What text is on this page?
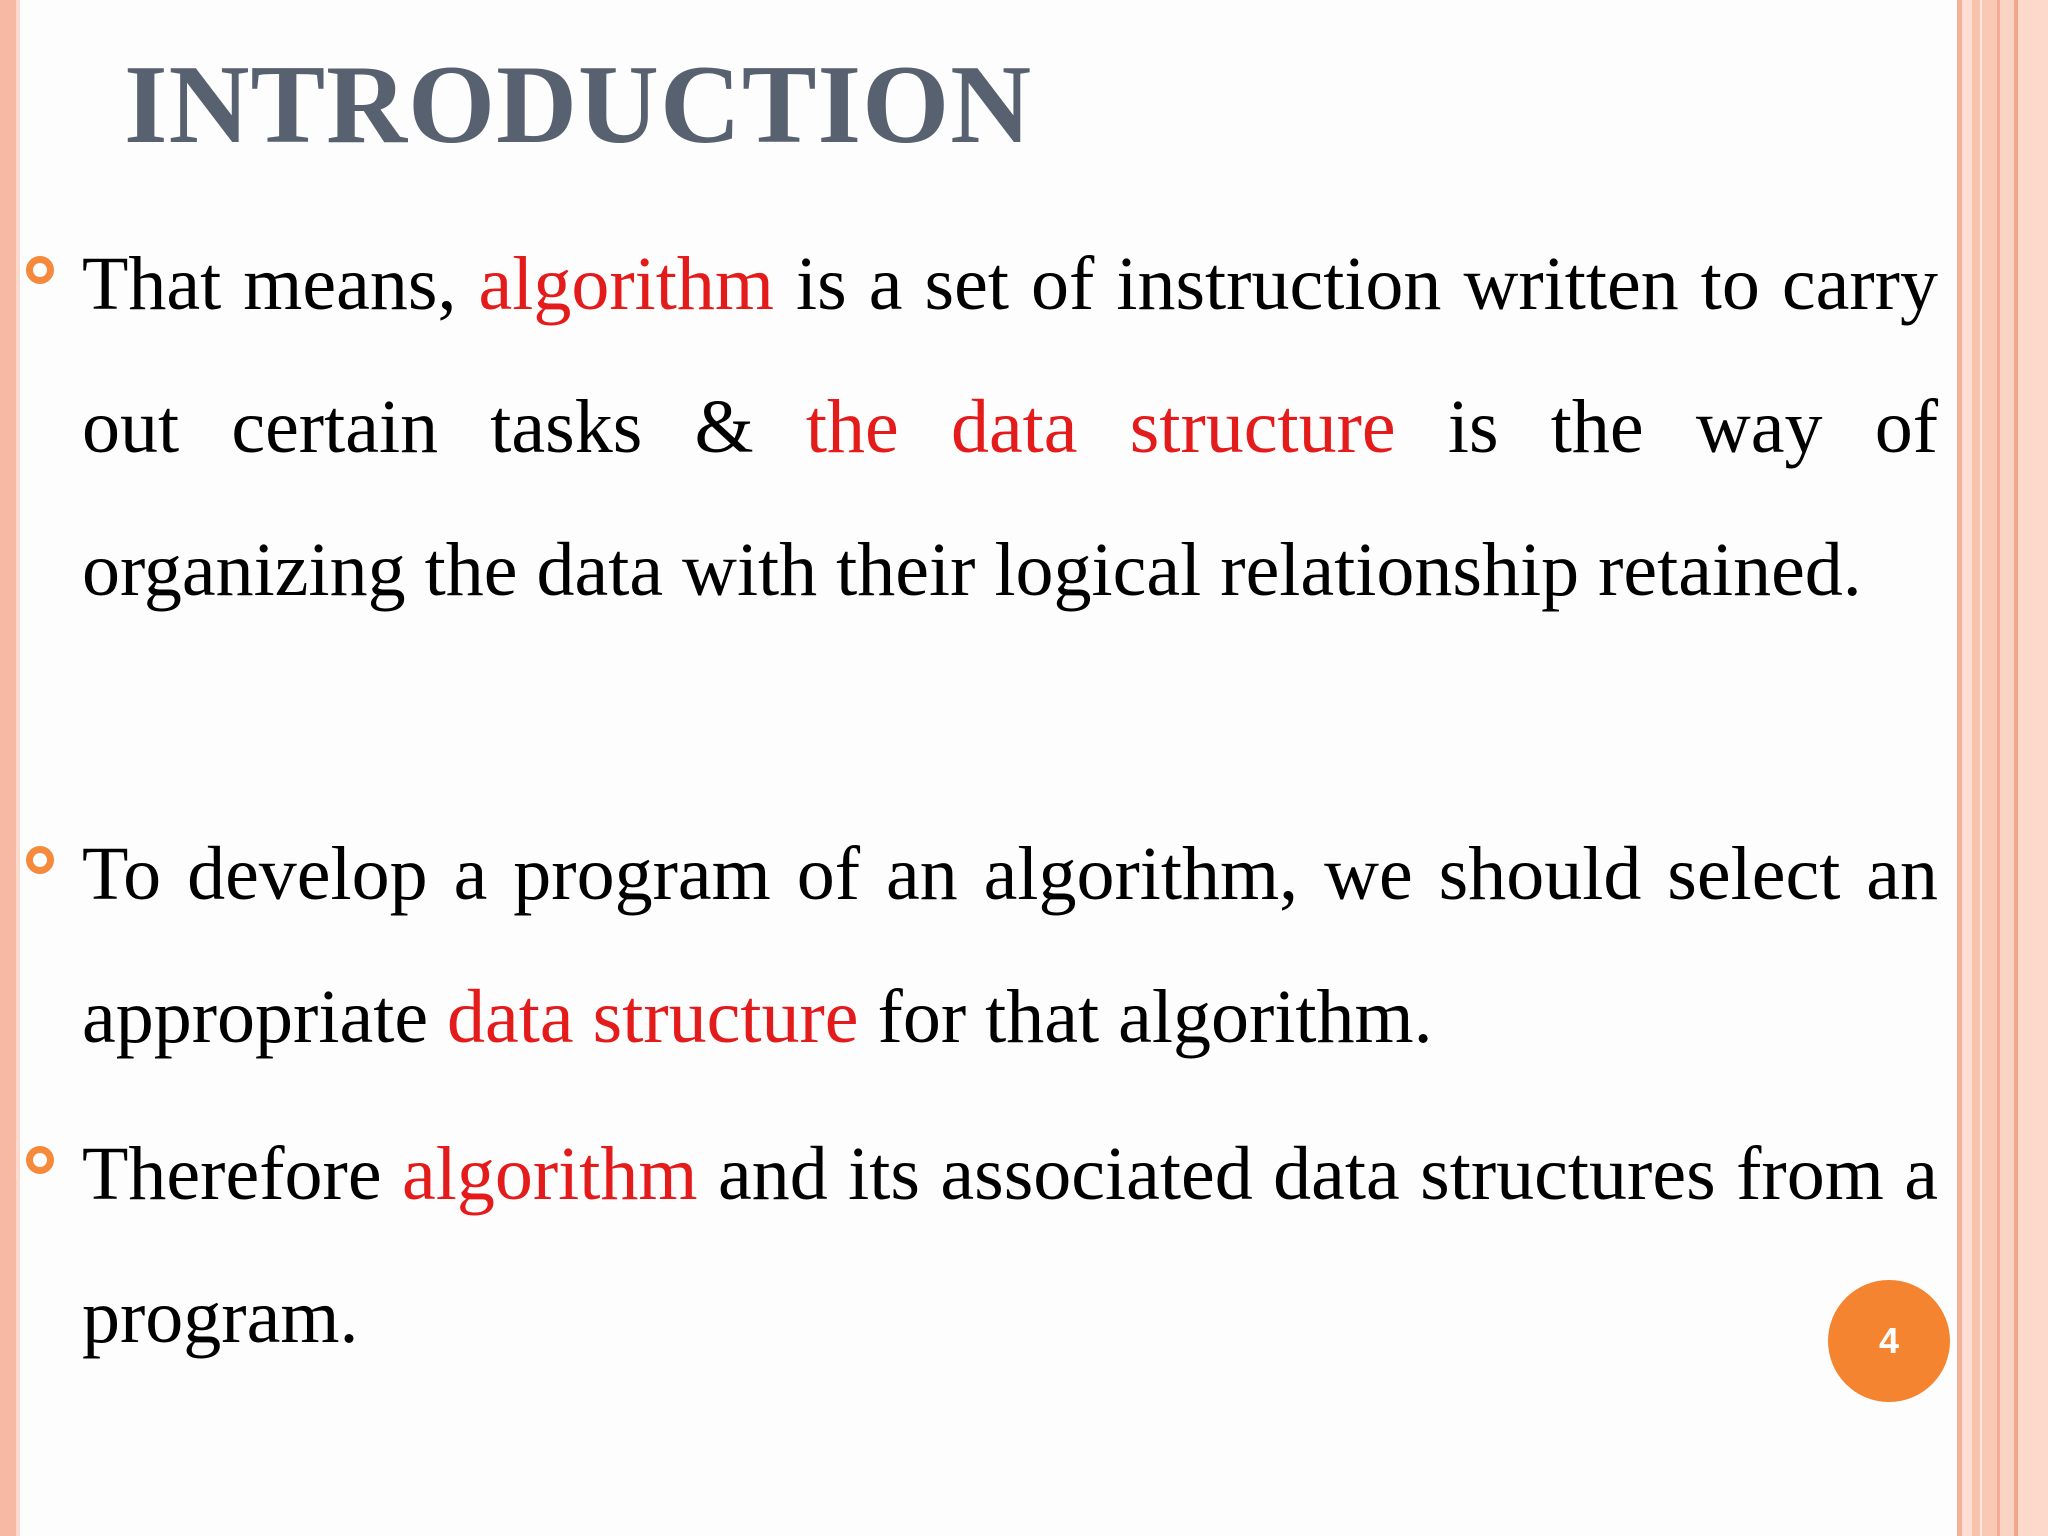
INTRODUCTION

That means, algorithm is a set of instruction written to carry out certain tasks & the data structure is the way of organizing the data with their logical relationship retained.

To develop a program of an algorithm, we should select an appropriate data structure for that algorithm.

Therefore algorithm and its associated data structures from a program.	4
